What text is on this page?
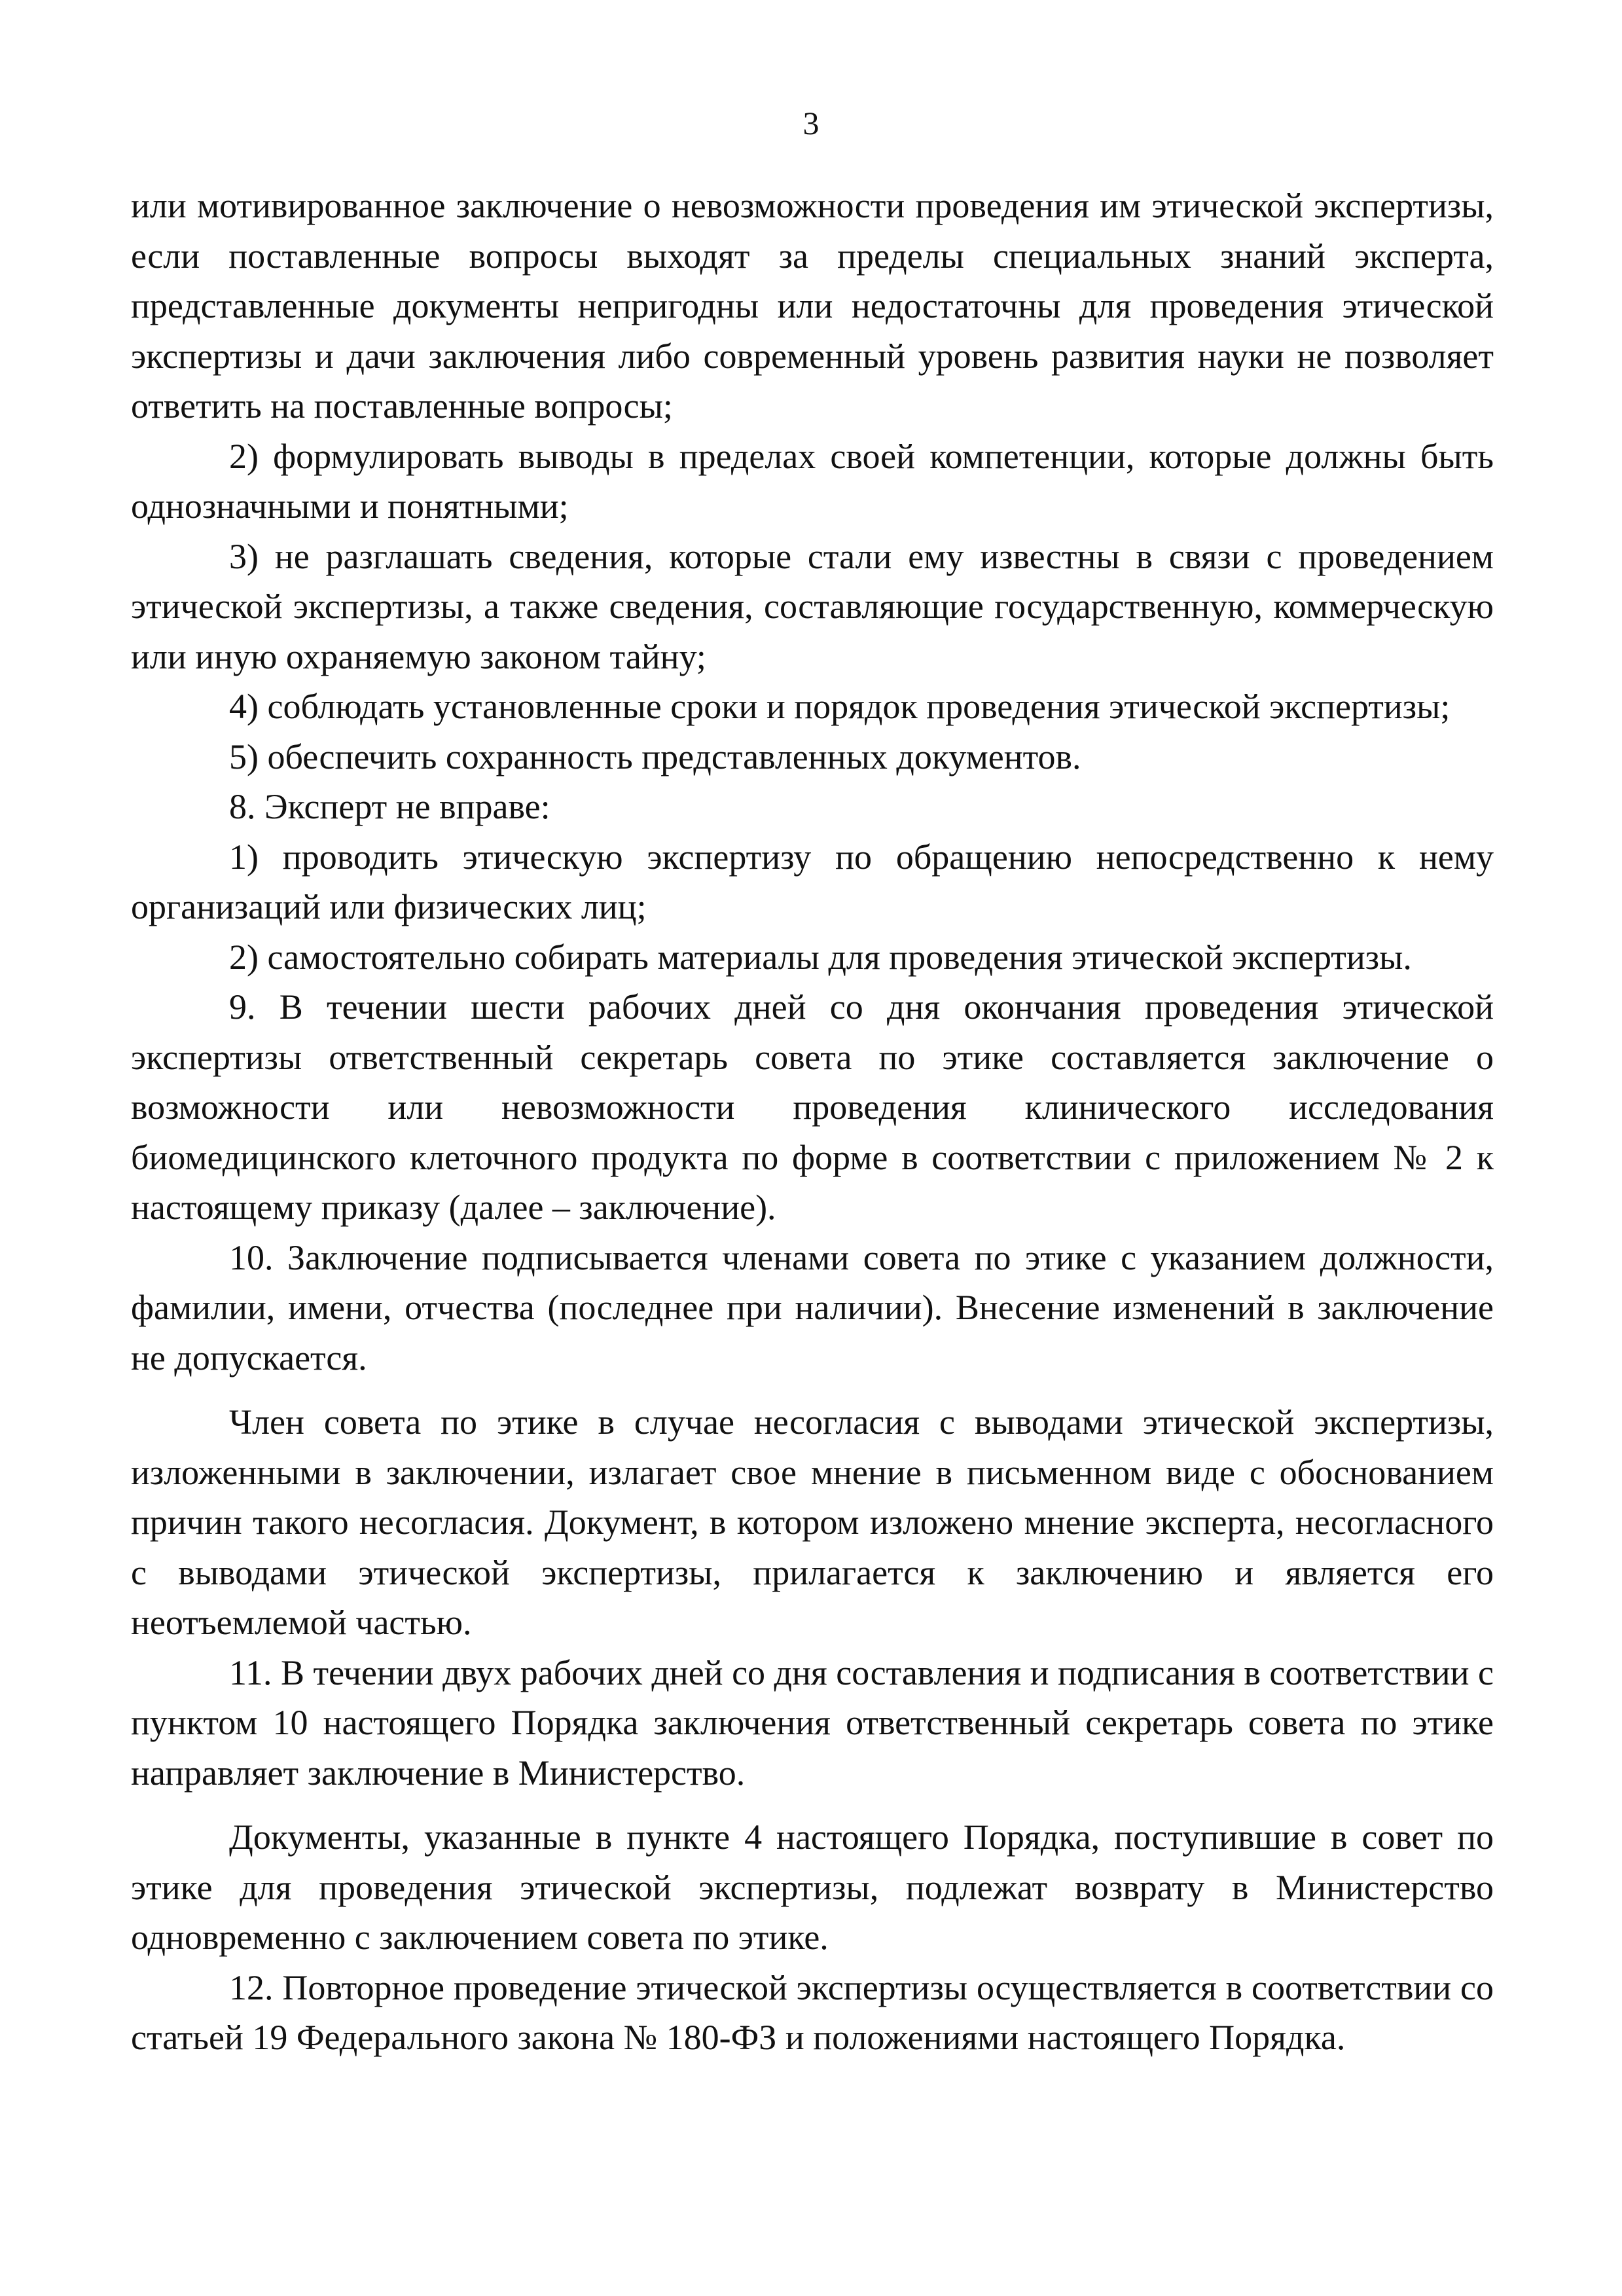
3

или мотивированное заключение о невозможности проведения им этической экспертизы, если поставленные вопросы выходят за пределы специальных знаний эксперта, представленные документы непригодны или недостаточны для проведения этической экспертизы и дачи заключения либо современный уровень развития науки не позволяет ответить на поставленные вопросы;

2) формулировать выводы в пределах своей компетенции, которые должны быть однозначными и понятными;

3) не разглашать сведения, которые стали ему известны в связи с проведением этической экспертизы, а также сведения, составляющие государственную, коммерческую или иную охраняемую законом тайну;

4) соблюдать установленные сроки и порядок проведения этической экспертизы;

5) обеспечить сохранность представленных документов.

8. Эксперт не вправе:

1) проводить этическую экспертизу по обращению непосредственно к нему организаций или физических лиц;

2) самостоятельно собирать материалы для проведения этической экспертизы.

9. В течении шести рабочих дней со дня окончания проведения этической экспертизы ответственный секретарь совета по этике составляется заключение о возможности или невозможности проведения клинического исследования биомедицинского клеточного продукта по форме в соответствии с приложением № 2 к настоящему приказу (далее – заключение).

10. Заключение подписывается членами совета по этике с указанием должности, фамилии, имени, отчества (последнее при наличии). Внесение изменений в заключение не допускается.

Член совета по этике в случае несогласия с выводами этической экспертизы, изложенными в заключении, излагает свое мнение в письменном виде с обоснованием причин такого несогласия. Документ, в котором изложено мнение эксперта, несогласного с выводами этической экспертизы, прилагается к заключению и является его неотъемлемой частью.

11. В течении двух рабочих дней со дня составления и подписания в соответствии с пунктом 10 настоящего Порядка заключения ответственный секретарь совета по этике направляет заключение в Министерство.

Документы, указанные в пункте 4 настоящего Порядка, поступившие в совет по этике для проведения этической экспертизы, подлежат возврату в Министерство одновременно с заключением совета по этике.

12. Повторное проведение этической экспертизы осуществляется в соответствии со статьей 19 Федерального закона № 180-ФЗ и положениями настоящего Порядка.
